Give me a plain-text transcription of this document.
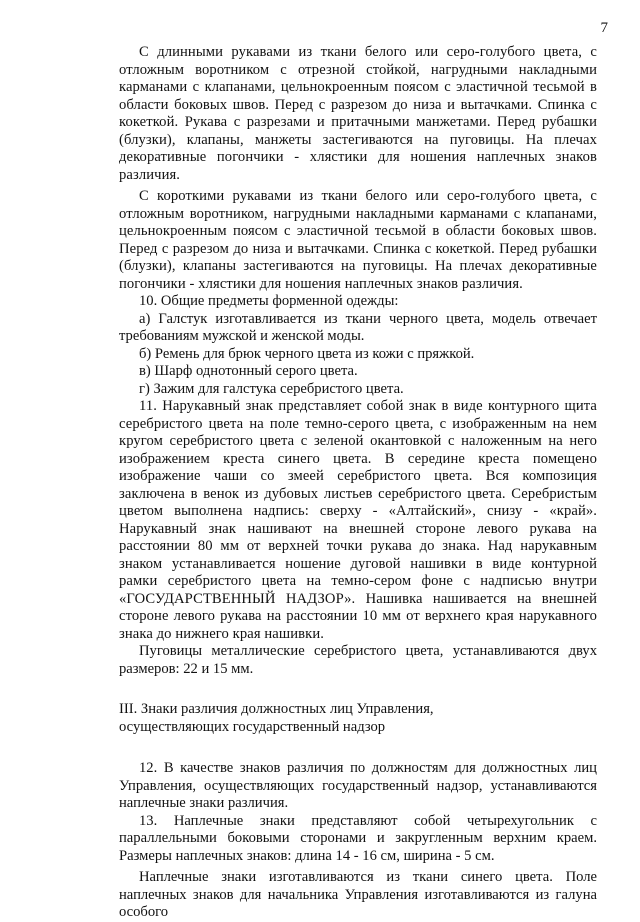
7

С длинными рукавами из ткани белого или серо-голубого цвета, с отложным воротником с отрезной стойкой, нагрудными накладными карманами с клапанами, цельнокроенным поясом с эластичной тесьмой в области боковых швов. Перед с разрезом до низа и вытачками. Спинка с кокеткой. Рукава с разрезами и притачными манжетами. Перед рубашки (блузки), клапаны, манжеты застегиваются на пуговицы. На плечах декоративные погончики - хлястики для ношения наплечных знаков различия.

С короткими рукавами из ткани белого или серо-голубого цвета, с отложным воротником, нагрудными накладными карманами с клапанами, цельнокроенным поясом с эластичной тесьмой в области боковых швов. Перед с разрезом до низа и вытачками. Спинка с кокеткой. Перед рубашки (блузки), клапаны застегиваются на пуговицы. На плечах декоративные погончики - хлястики для ношения наплечных знаков различия.

10. Общие предметы форменной одежды:

а) Галстук изготавливается из ткани черного цвета, модель отвечает требованиям мужской и женской моды.

б) Ремень для брюк черного цвета из кожи с пряжкой.

в) Шарф однотонный серого цвета.

г) Зажим для галстука серебристого цвета.

11. Нарукавный знак представляет собой знак в виде контурного щита серебристого цвета на поле темно-серого цвета, с изображенным на нем кругом серебристого цвета с зеленой окантовкой с наложенным на него изображением креста синего цвета. В середине креста помещено изображение чаши со змеей серебристого цвета. Вся композиция заключена в венок из дубовых листьев серебристого цвета. Серебристым цветом выполнена надпись: сверху - «Алтайский», снизу - «край». Нарукавный знак нашивают на внешней стороне левого рукава на расстоянии 80 мм от верхней точки рукава до знака. Над нарукавным знаком устанавливается ношение дуговой нашивки в виде контурной рамки серебристого цвета на темно-сером фоне с надписью внутри «ГОСУДАРСТВЕННЫЙ НАДЗОР». Нашивка нашивается на внешней стороне левого рукава на расстоянии 10 мм от верхнего края нарукавного знака до нижнего края нашивки.

Пуговицы металлические серебристого цвета, устанавливаются двух размеров: 22 и 15 мм.

III. Знаки различия должностных лиц Управления,
осуществляющих государственный надзор

12. В качестве знаков различия по должностям для должностных лиц Управления, осуществляющих государственный надзор, устанавливаются наплечные знаки различия.

13. Наплечные знаки представляют собой четырехугольник с параллельными боковыми сторонами и закругленным верхним краем. Размеры наплечных знаков: длина 14 - 16 см, ширина - 5 см.

Наплечные знаки изготавливаются из ткани синего цвета. Поле наплечных знаков для начальника Управления изготавливаются из галуна особого
